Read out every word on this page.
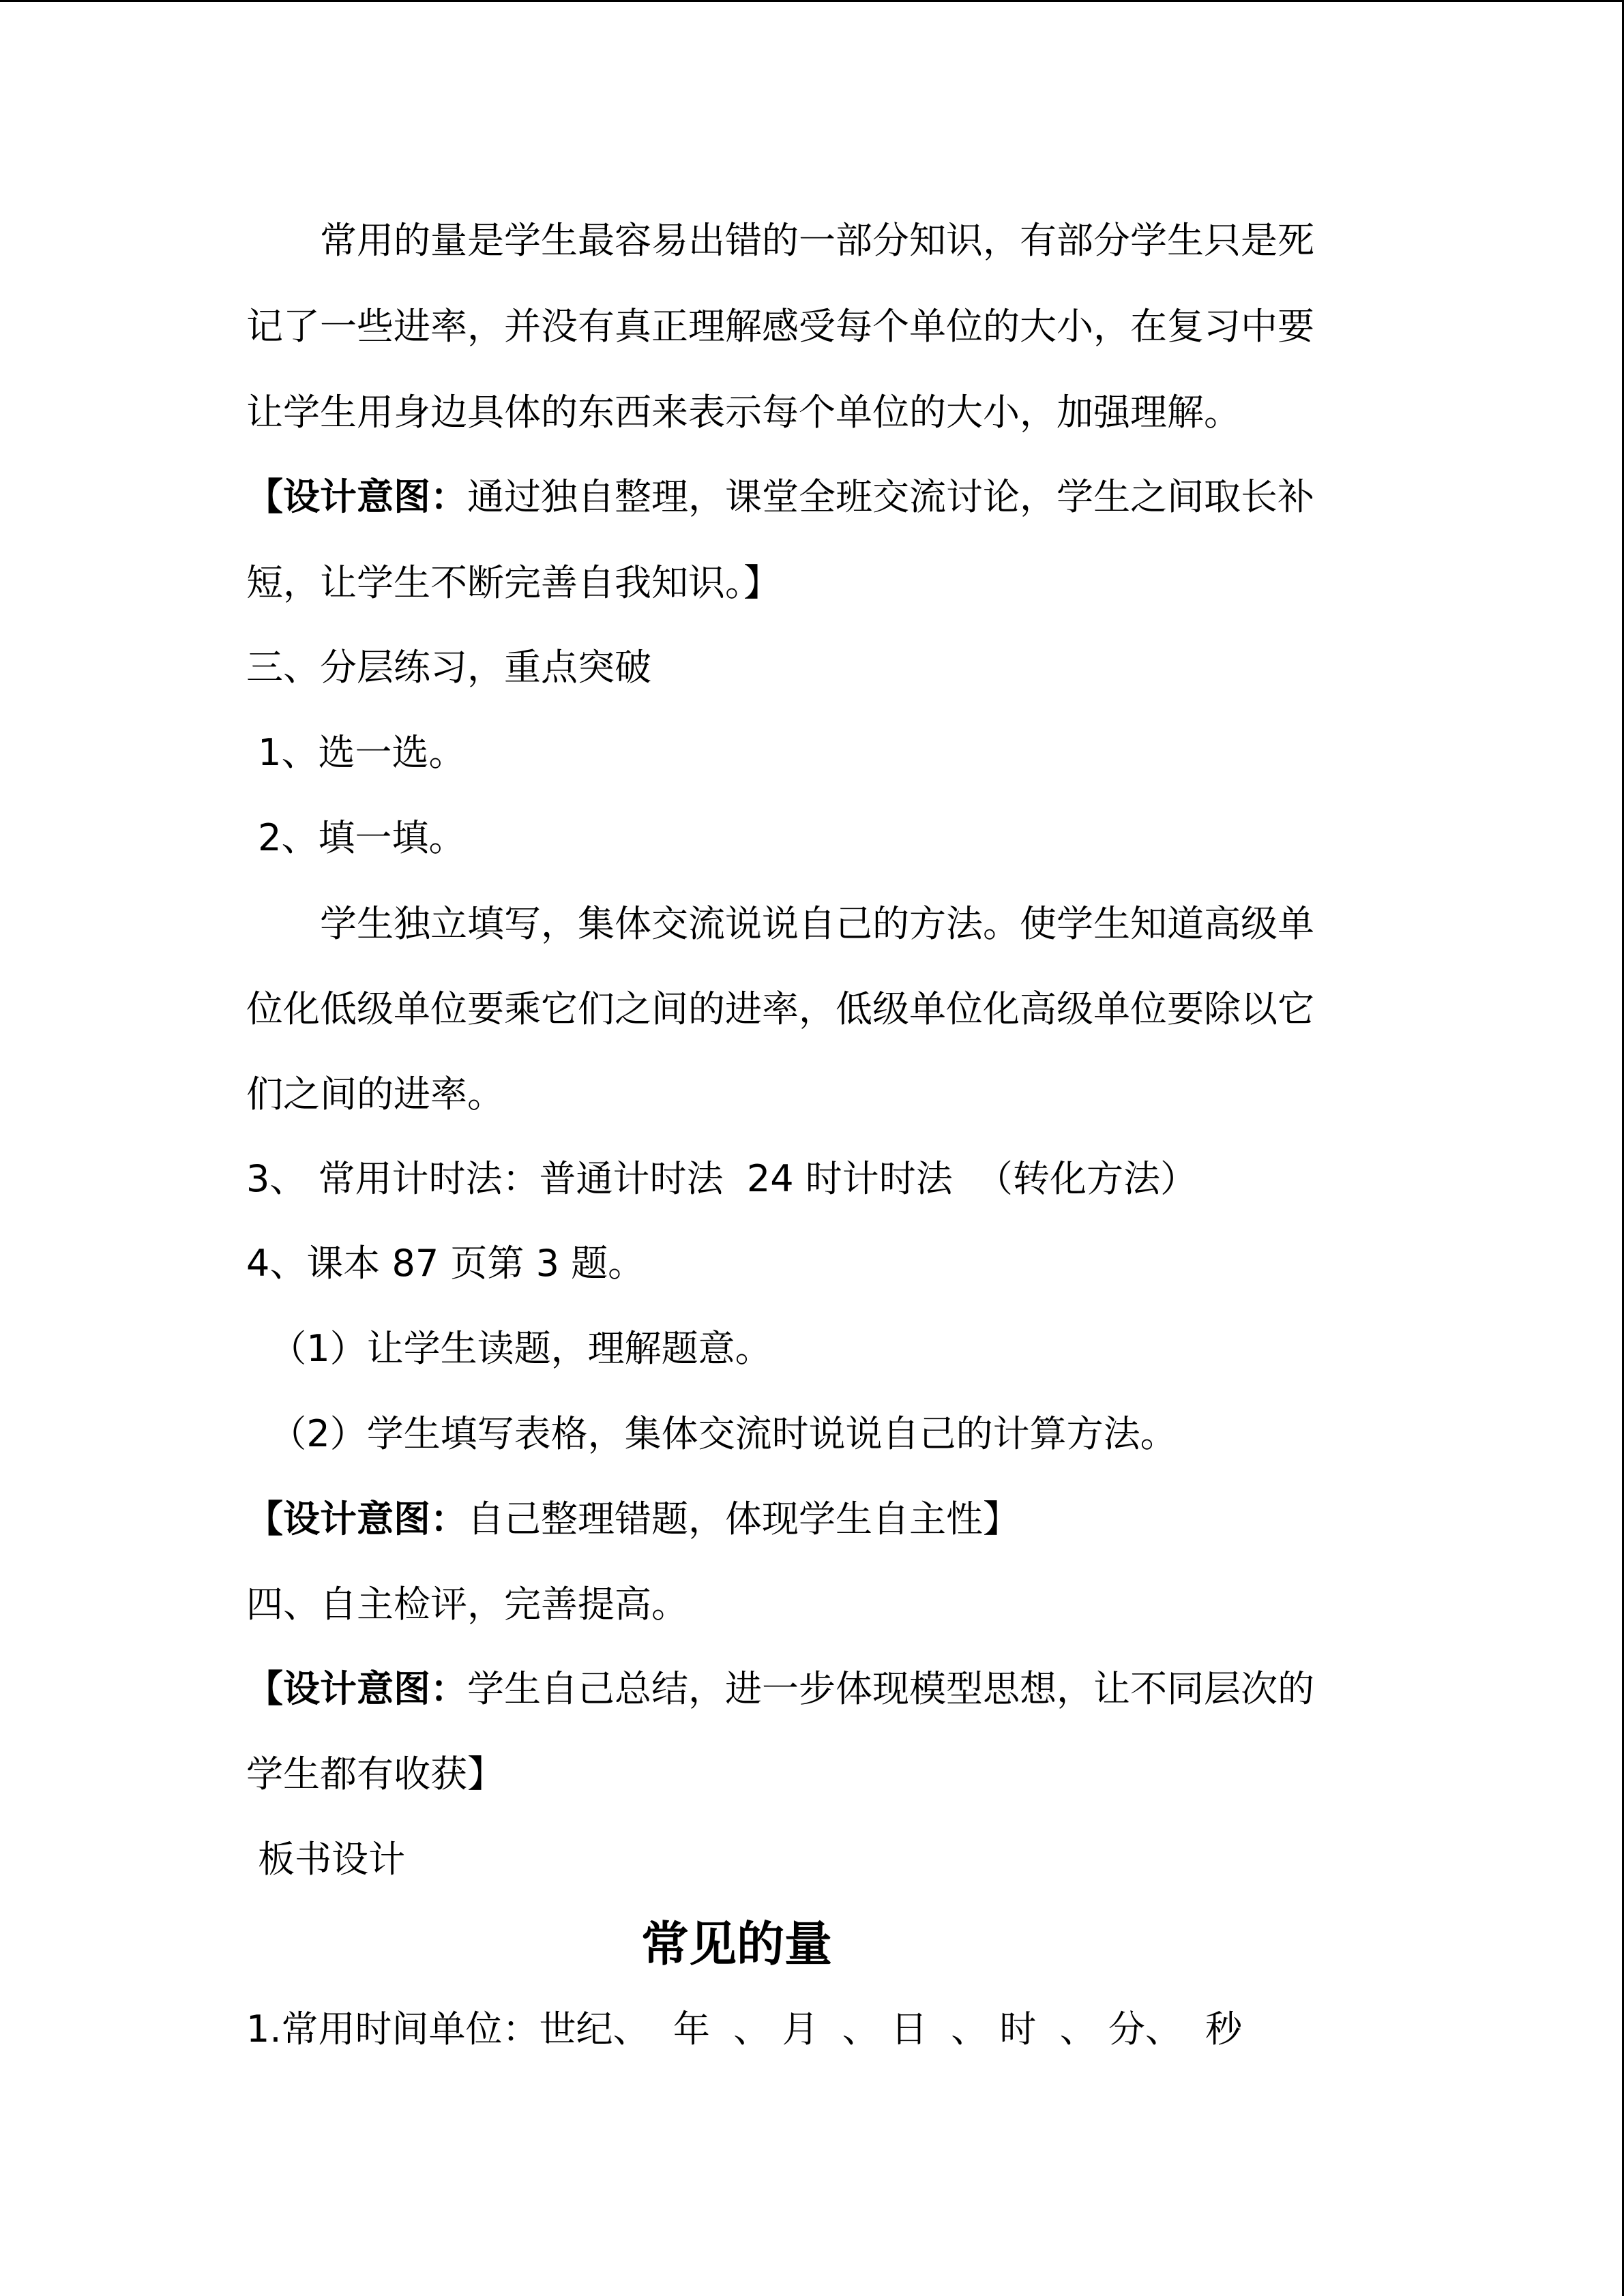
　　常用的量是学生最容易出错的一部分知识，有部分学生只是死

记了一些进率，并没有真正理解感受每个单位的大小，在复习中要

让学生用身边具体的东西来表示每个单位的大小，加强理解。

【设计意图：通过独自整理，课堂全班交流讨论，学生之间取长补

短，让学生不断完善自我知识。】

三、分层练习，重点突破

1、选一选。

2、填一填。

　　学生独立填写，集体交流说说自己的方法。使学生知道高级单

位化低级单位要乘它们之间的进率，低级单位化高级单位要除以它

们之间的进率。

3、 常用计时法：普通计时法  24 时计时法  （转化方法）

4、课本 87 页第 3 题。

（1）让学生读题，理解题意。

（2）学生填写表格，集体交流时说说自己的计算方法。

【设计意图：自己整理错题，体现学生自主性】

四、自主检评，完善提高。

【设计意图：学生自己总结，进一步体现模型思想，让不同层次的

学生都有收获】

板书设计

常见的量

1.常用时间单位：世纪、  年  、 月  、 日  、 时  、 分、  秒
